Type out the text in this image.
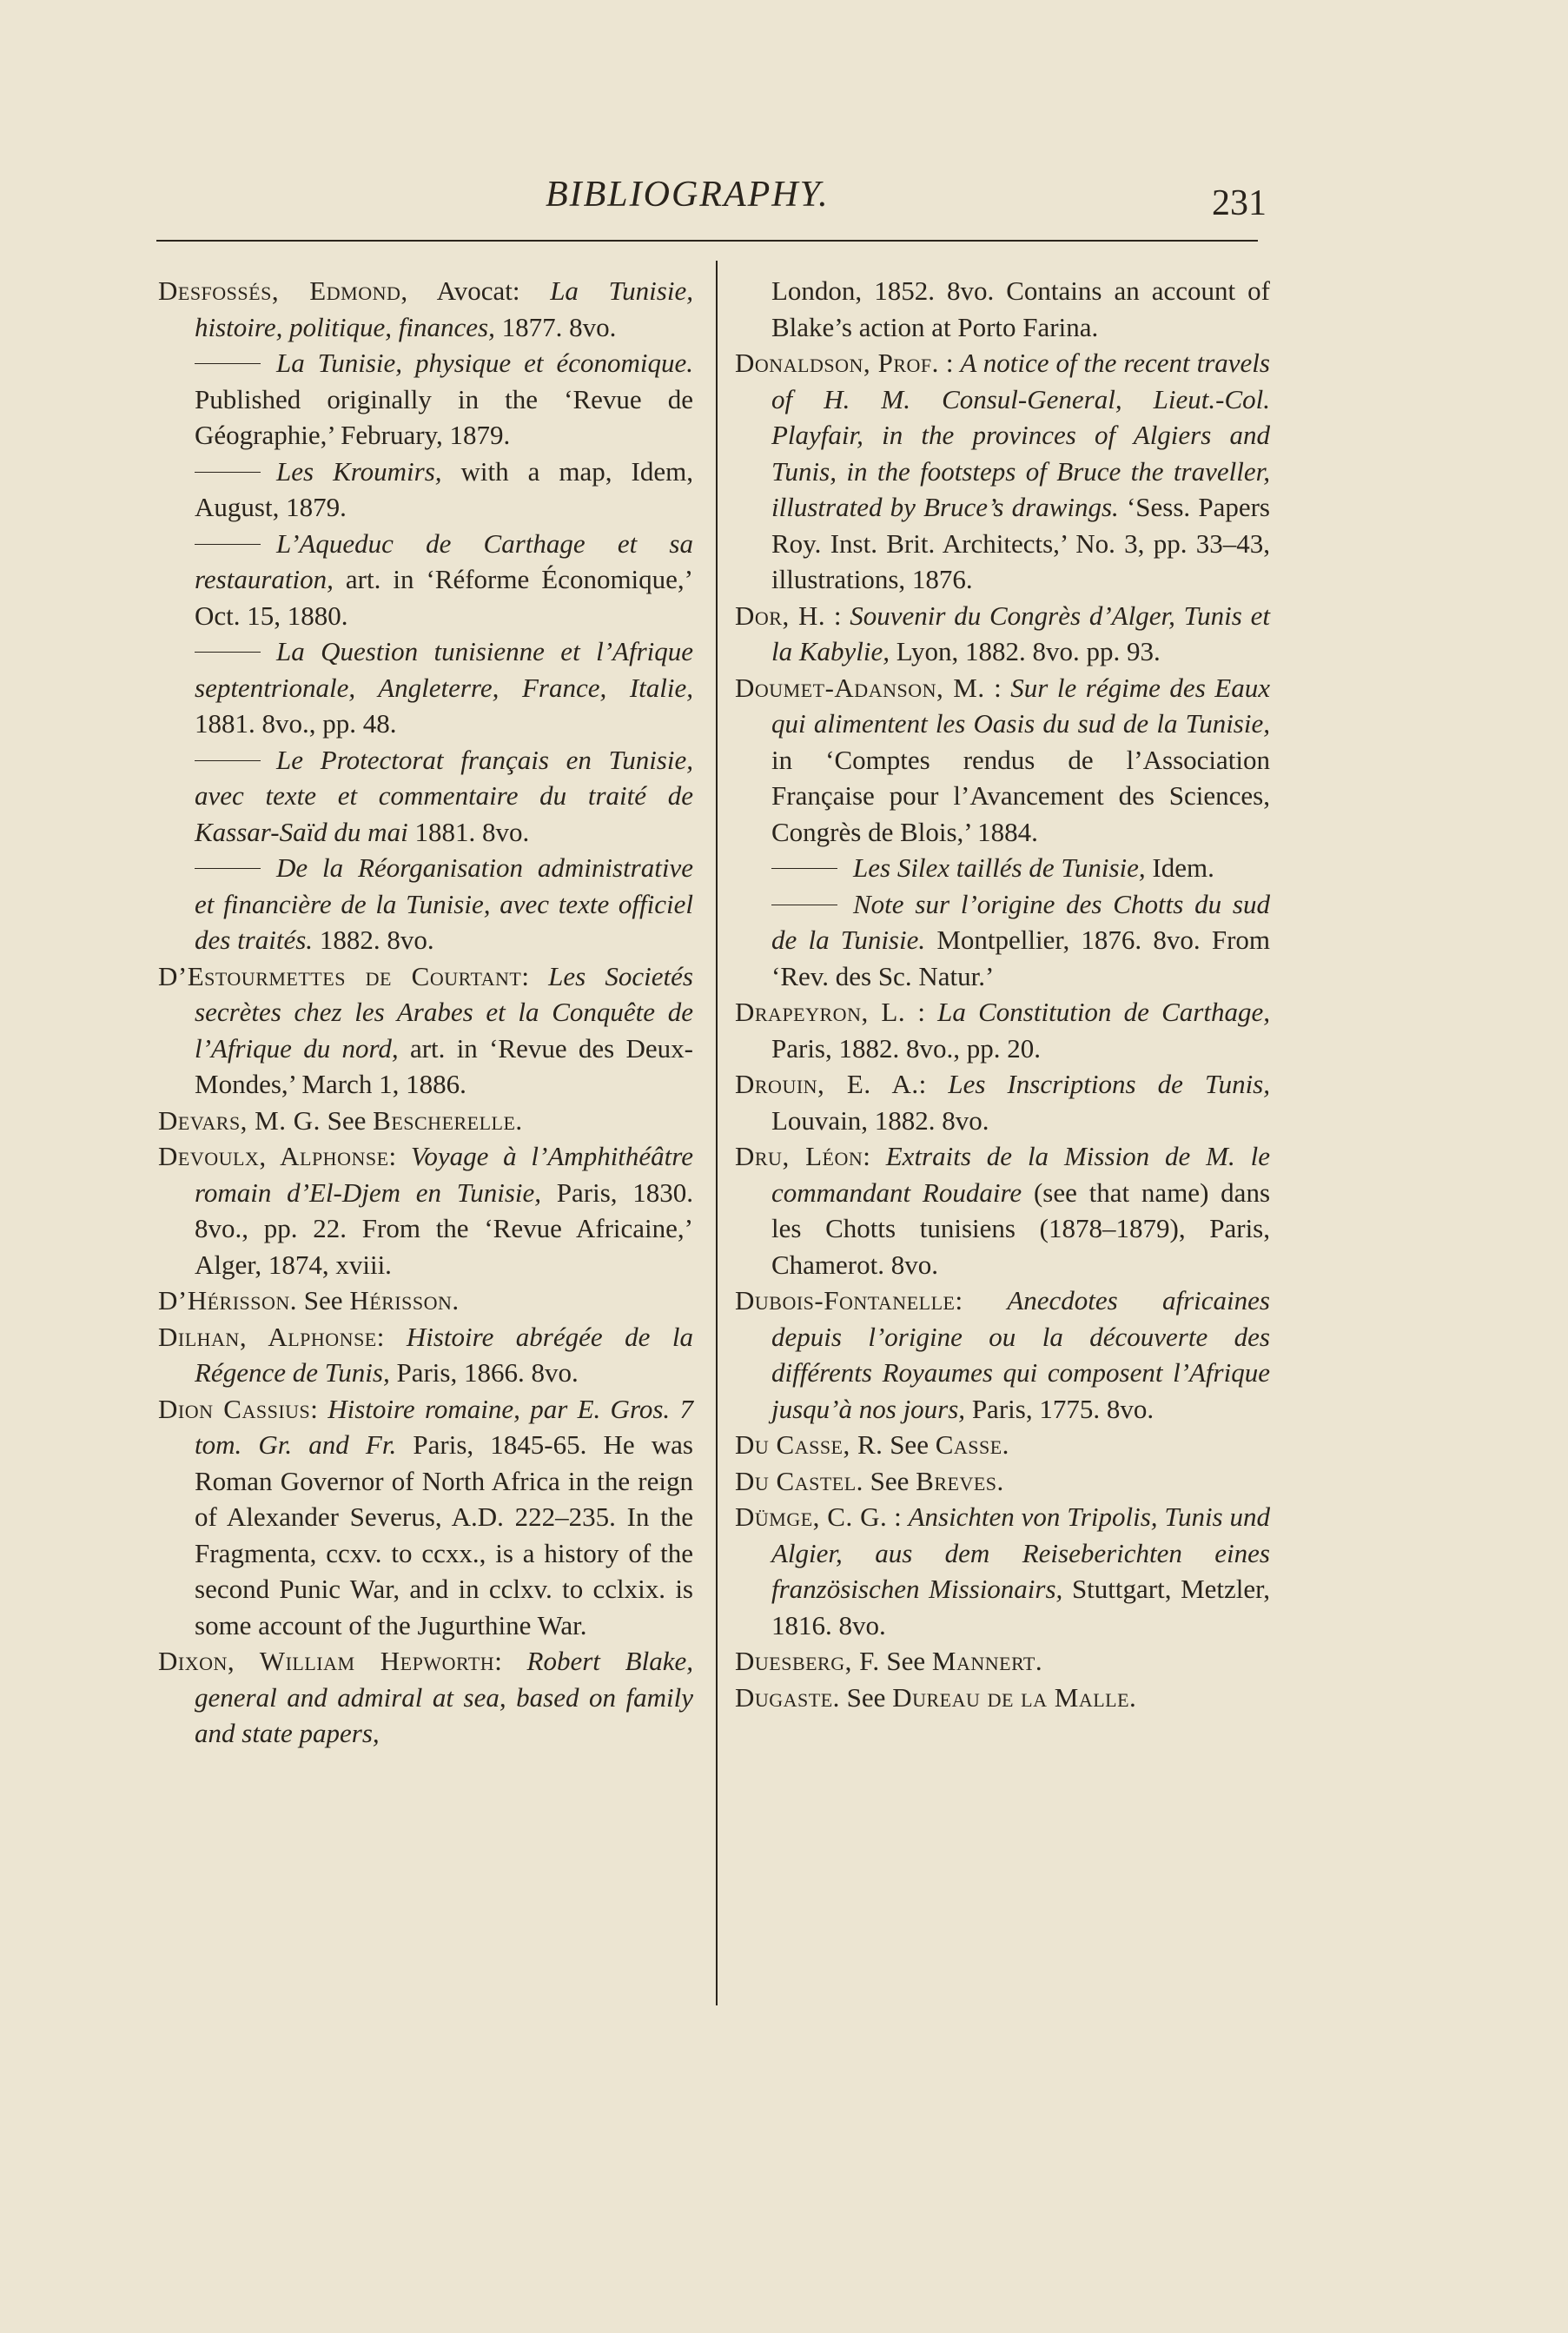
BIBLIOGRAPHY.	231

Desfossés, Edmond, Avocat: La Tunisie, histoire, politique, finances, 1877. 8vo.

La Tunisie, physique et économique. Published originally in the ‘Revue de Géographie,’ February, 1879.

Les Kroumirs, with a map, Idem, August, 1879.

L’Aqueduc de Carthage et sa restauration, art. in ‘Réforme Économique,’ Oct. 15, 1880.

La Question tunisienne et l’Afrique septentrionale, Angleterre, France, Italie, 1881. 8vo., pp. 48.

Le Protectorat français en Tunisie, avec texte et commentaire du traité de Kassar-Saïd du mai 1881. 8vo.

De la Réorganisation administrative et financière de la Tunisie, avec texte officiel des traités. 1882. 8vo.

D’Estourmettes de Courtant: Les Societés secrètes chez les Arabes et la Conquête de l’Afrique du nord, art. in ‘Revue des Deux-Mondes,’ March 1, 1886.

Devars, M. G. See Bescherelle.

Devoulx, Alphonse: Voyage à l’Amphithéâtre romain d’El-Djem en Tunisie, Paris, 1830. 8vo., pp. 22. From the ‘Revue Africaine,’ Alger, 1874, xviii.

D’Hérisson. See Hérisson.

Dilhan, Alphonse: Histoire abrégée de la Régence de Tunis, Paris, 1866. 8vo.

Dion Cassius: Histoire romaine, par E. Gros. 7 tom. Gr. and Fr. Paris, 1845-65. He was Roman Governor of North Africa in the reign of Alexander Severus, A.D. 222–235. In the Fragmenta, ccxv. to ccxx., is a history of the second Punic War, and in cclxv. to cclxix. is some account of the Jugurthine War.

Dixon, William Hepworth: Robert Blake, general and admiral at sea, based on family and state papers,

London, 1852. 8vo. Contains an account of Blake’s action at Porto Farina.

Donaldson, Prof. : A notice of the recent travels of H. M. Consul-General, Lieut.-Col. Playfair, in the provinces of Algiers and Tunis, in the footsteps of Bruce the traveller, illustrated by Bruce’s drawings. ‘Sess. Papers Roy. Inst. Brit. Architects,’ No. 3, pp. 33–43, illustrations, 1876.

Dor, H. : Souvenir du Congrès d’Alger, Tunis et la Kabylie, Lyon, 1882. 8vo. pp. 93.

Doumet-Adanson, M. : Sur le régime des Eaux qui alimentent les Oasis du sud de la Tunisie, in ‘Comptes rendus de l’Association Française pour l’Avancement des Sciences, Congrès de Blois,’ 1884.

Les Silex taillés de Tunisie, Idem.

Note sur l’origine des Chotts du sud de la Tunisie. Montpellier, 1876. 8vo. From ‘Rev. des Sc. Natur.’

Drapeyron, L. : La Constitution de Carthage, Paris, 1882. 8vo., pp. 20.

Drouin, E. A.: Les Inscriptions de Tunis, Louvain, 1882. 8vo.

Dru, Léon: Extraits de la Mission de M. le commandant Roudaire (see that name) dans les Chotts tunisiens (1878–1879), Paris, Chamerot. 8vo.

Dubois-Fontanelle: Anecdotes africaines depuis l’origine ou la découverte des différents Royaumes qui composent l’Afrique jusqu’à nos jours, Paris, 1775. 8vo.

Du Casse, R. See Casse.

Du Castel. See Breves.

Dümge, C. G. : Ansichten von Tripolis, Tunis und Algier, aus dem Reiseberichten eines französischen Missionairs, Stuttgart, Metzler, 1816. 8vo.

Duesberg, F. See Mannert.

Dugaste. See Dureau de la Malle.
